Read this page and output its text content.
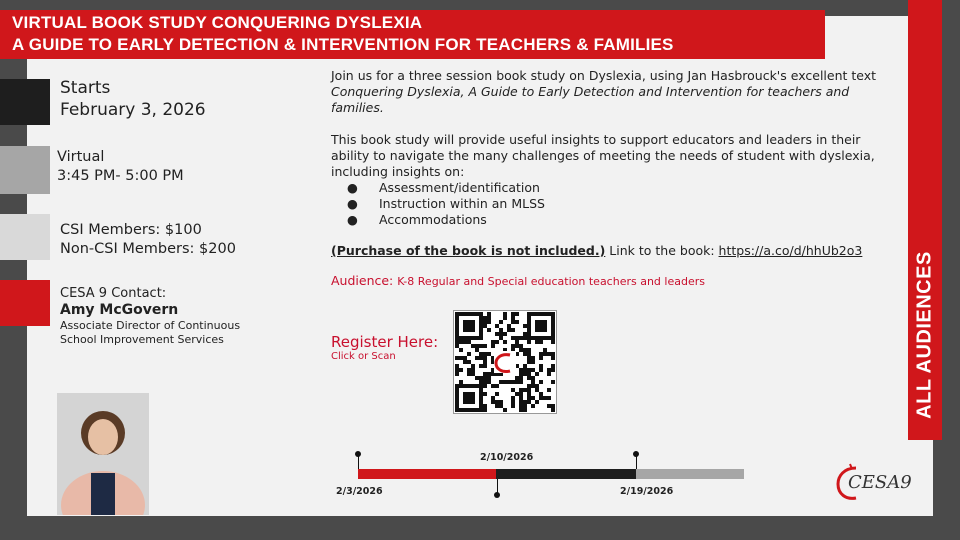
VIRTUAL BOOK STUDY CONQUERING DYSLEXIA
A GUIDE TO EARLY DETECTION & INTERVENTION FOR TEACHERS & FAMILIES
ALL AUDIENCES
Starts
February 3, 2026
Virtual
3:45 PM- 5:00 PM
CSI Members: $100
Non-CSI Members: $200
CESA 9 Contact:
Amy McGovern
Associate Director of Continuous
School Improvement Services
Join us for a three session book study on Dyslexia, using Jan Hasbrouck's excellent text Conquering Dyslexia, A Guide to Early Detection and Intervention for teachers and families.
This book study will provide useful insights to support educators and leaders in their ability to navigate the many challenges of meeting the needs of student with dyslexia, including insights on:
● Assessment/identification
● Instruction within an MLSS
● Accommodations
(Purchase of the book is not included.) Link to the book: https://a.co/d/hhUb2o3
Audience: K-8 Regular and Special education teachers and leaders
Register Here:
Click or Scan
2/3/2026
2/10/2026
2/19/2026	CESA9
